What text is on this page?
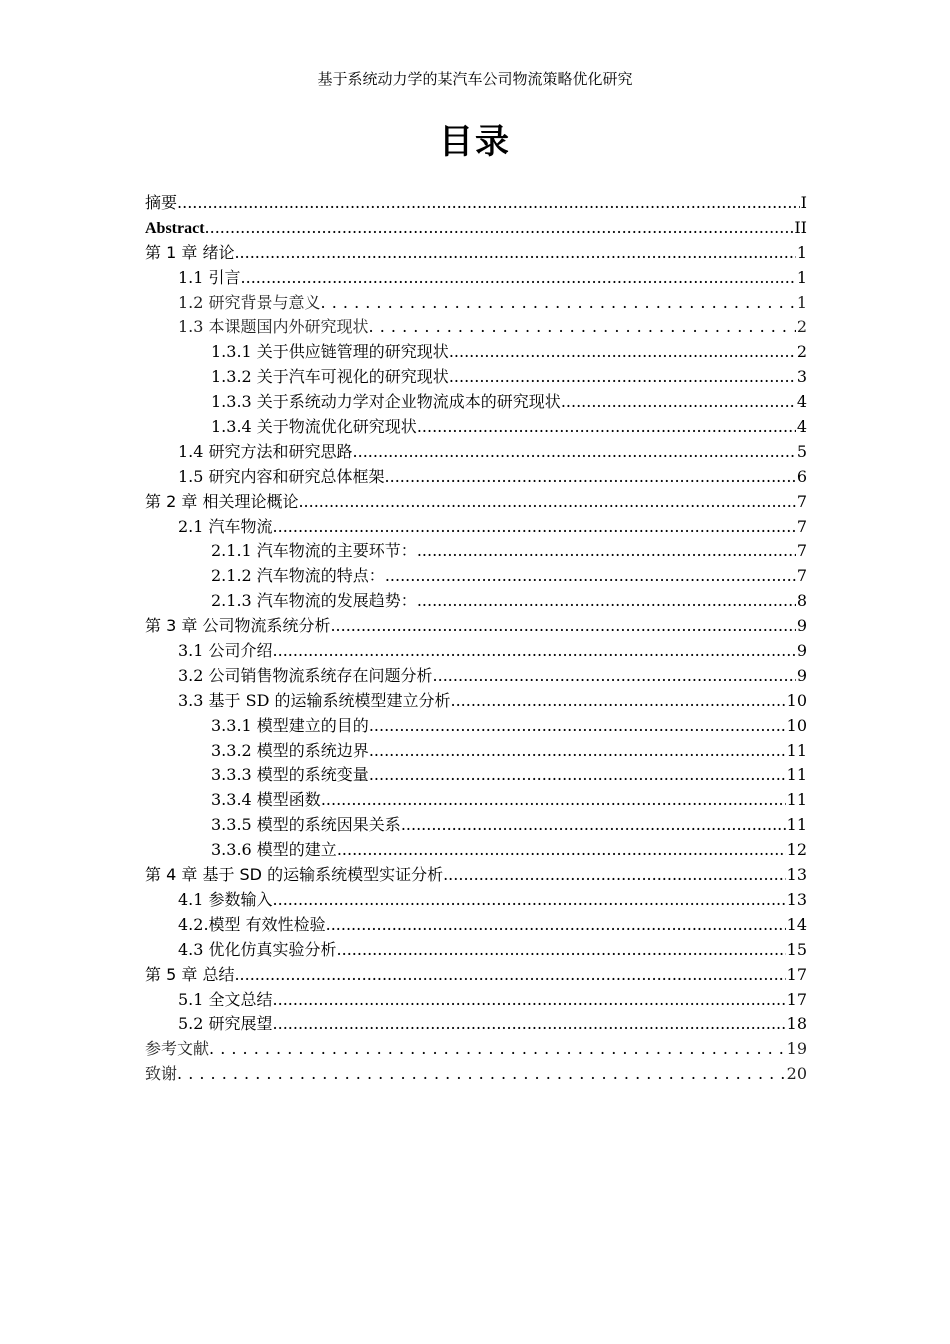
基于系统动力学的某汽车公司物流策略优化研究
目录
摘要 .....	I
Abstract .....	II
第 1 章 绪论 .....	1
1.1 引言 .....	1
1.2 研究背景与意义 . . .	1
1.3 本课题国内外研究现状 . . .	2
1.3.1 关于供应链管理的研究现状 .....	2
1.3.2 关于汽车可视化的研究现状 .....	3
1.3.3 关于系统动力学对企业物流成本的研究现状 .....	4
1.3.4 关于物流优化研究现状 .....	4
1.4 研究方法和研究思路 .....	5
1.5 研究内容和研究总体框架 .....	6
第 2 章 相关理论概论 .....	7
2.1 汽车物流 .....	7
2.1.1 汽车物流的主要环节： .....	7
2.1.2 汽车物流的特点： .....	7
2.1.3 汽车物流的发展趋势： .....	8
第 3 章 公司物流系统分析 .....	9
3.1 公司介绍 .....	9
3.2 公司销售物流系统存在问题分析 .....	9
3.3 基于 SD 的运输系统模型建立分析 .....	10
3.3.1 模型建立的目的 .....	10
3.3.2 模型的系统边界 .....	11
3.3.3 模型的系统变量 .....	11
3.3.4 模型函数 .....	11
3.3.5 模型的系统因果关系 .....	11
3.3.6 模型的建立 .....	12
第 4 章 基于 SD 的运输系统模型实证分析 .....	13
4.1 参数输入 .....	13
4.2.模型 有效性检验 .....	14
4.3 优化仿真实验分析 .....	15
第 5 章 总结 .....	17
5.1 全文总结 .....	17
5.2 研究展望 .....	18
参考文献 . . .	19
致谢 . . .	20
